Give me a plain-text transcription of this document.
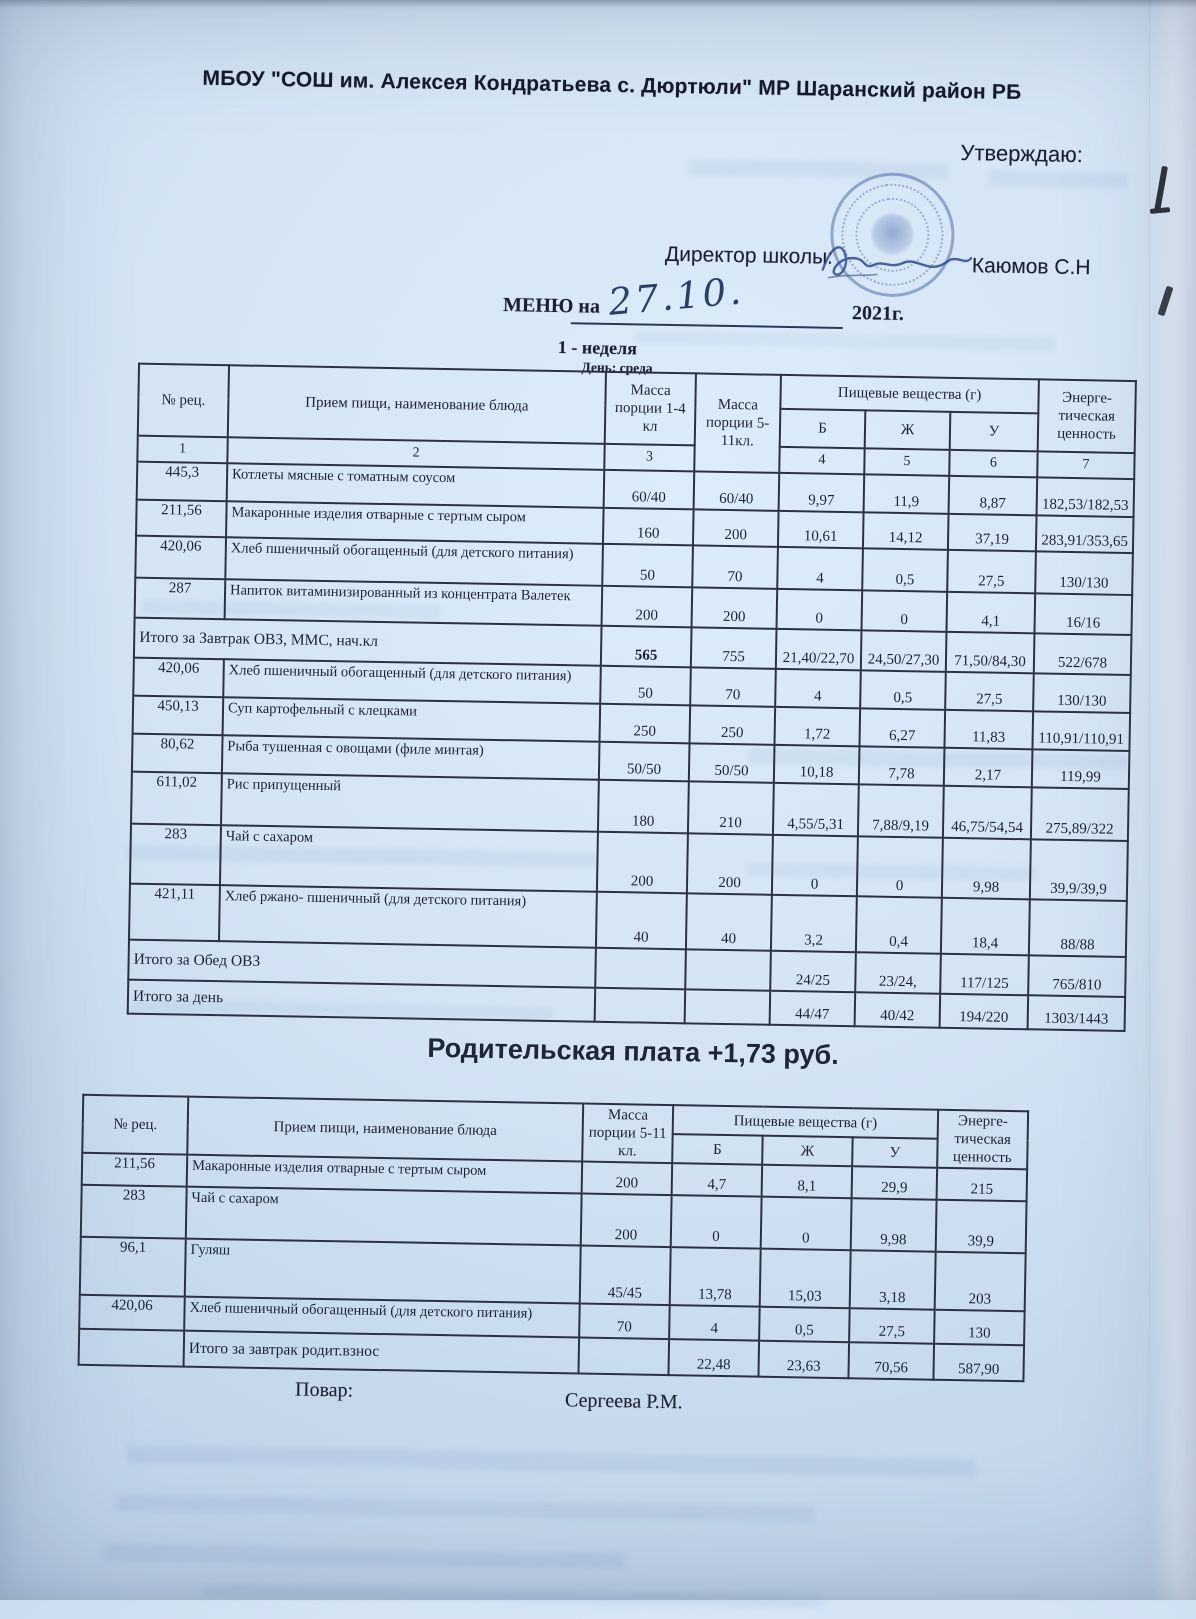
МБОУ "СОШ им. Алексея Кондратьева с. Дюртюли" МР Шаранский район РБ
Утверждаю:
Директор школы:	Каюмов С.Н
МЕНЮ на 27.10.	2021г.
1 - неделя
День: среда
№ рец.	Прием пищи, наименование блюда	Масса порции 1-4 кл	Масса порции 5-11кл.	Пищевые вещества (г)			Энерге-тическая ценность
				Б	Ж	У	
1	2	3		4	5	6	7
445,3	Котлеты мясные с томатным соусом	60/40	60/40	9,97	11,9	8,87	182,53/182,53
211,56	Макаронные изделия отварные с тертым сыром	160	200	10,61	14,12	37,19	283,91/353,65
420,06	Хлеб пшеничный обогащенный (для детского питания)	50	70	4	0,5	27,5	130/130
287	Напиток витаминизированный из концентрата Валетек	200	200	0	0	4,1	16/16
Итого за Завтрак ОВЗ, ММС, нач.кл		565	755	21,40/22,70	24,50/27,30	71,50/84,30	522/678
420,06	Хлеб пшеничный обогащенный (для детского питания)	50	70	4	0,5	27,5	130/130
450,13	Суп картофельный с клецками	250	250	1,72	6,27	11,83	110,91/110,91
80,62	Рыба тушенная с овощами (филе минтая)	50/50	50/50	10,18	7,78	2,17	119,99
611,02	Рис припущенный	180	210	4,55/5,31	7,88/9,19	46,75/54,54	275,89/322
283	Чай с сахаром	200	200	0	0	9,98	39,9/39,9
421,11	Хлеб ржано- пшеничный (для детского питания)	40	40	3,2	0,4	18,4	88/88
Итого за Обед ОВЗ				24/25	23/24,	117/125	765/810
Итого за день				44/47	40/42	194/220	1303/1443
Родительская плата +1,73 руб.
№ рец.	Прием пищи, наименование блюда	Масса порции 5-11 кл.	Пищевые вещества (г)			Энерге-тическая ценность
			Б	Ж	У	
211,56	Макаронные изделия отварные с тертым сыром	200	4,7	8,1	29,9	215
283	Чай с сахаром	200	0	0	9,98	39,9
96,1	Гуляш	45/45	13,78	15,03	3,18	203
420,06	Хлеб пшеничный обогащенный (для детского питания)	70	4	0,5	27,5	130
	Итого за завтрак родит.взнос		22,48	23,63	70,56	587,90
Повар:	Сергеева Р.М.
